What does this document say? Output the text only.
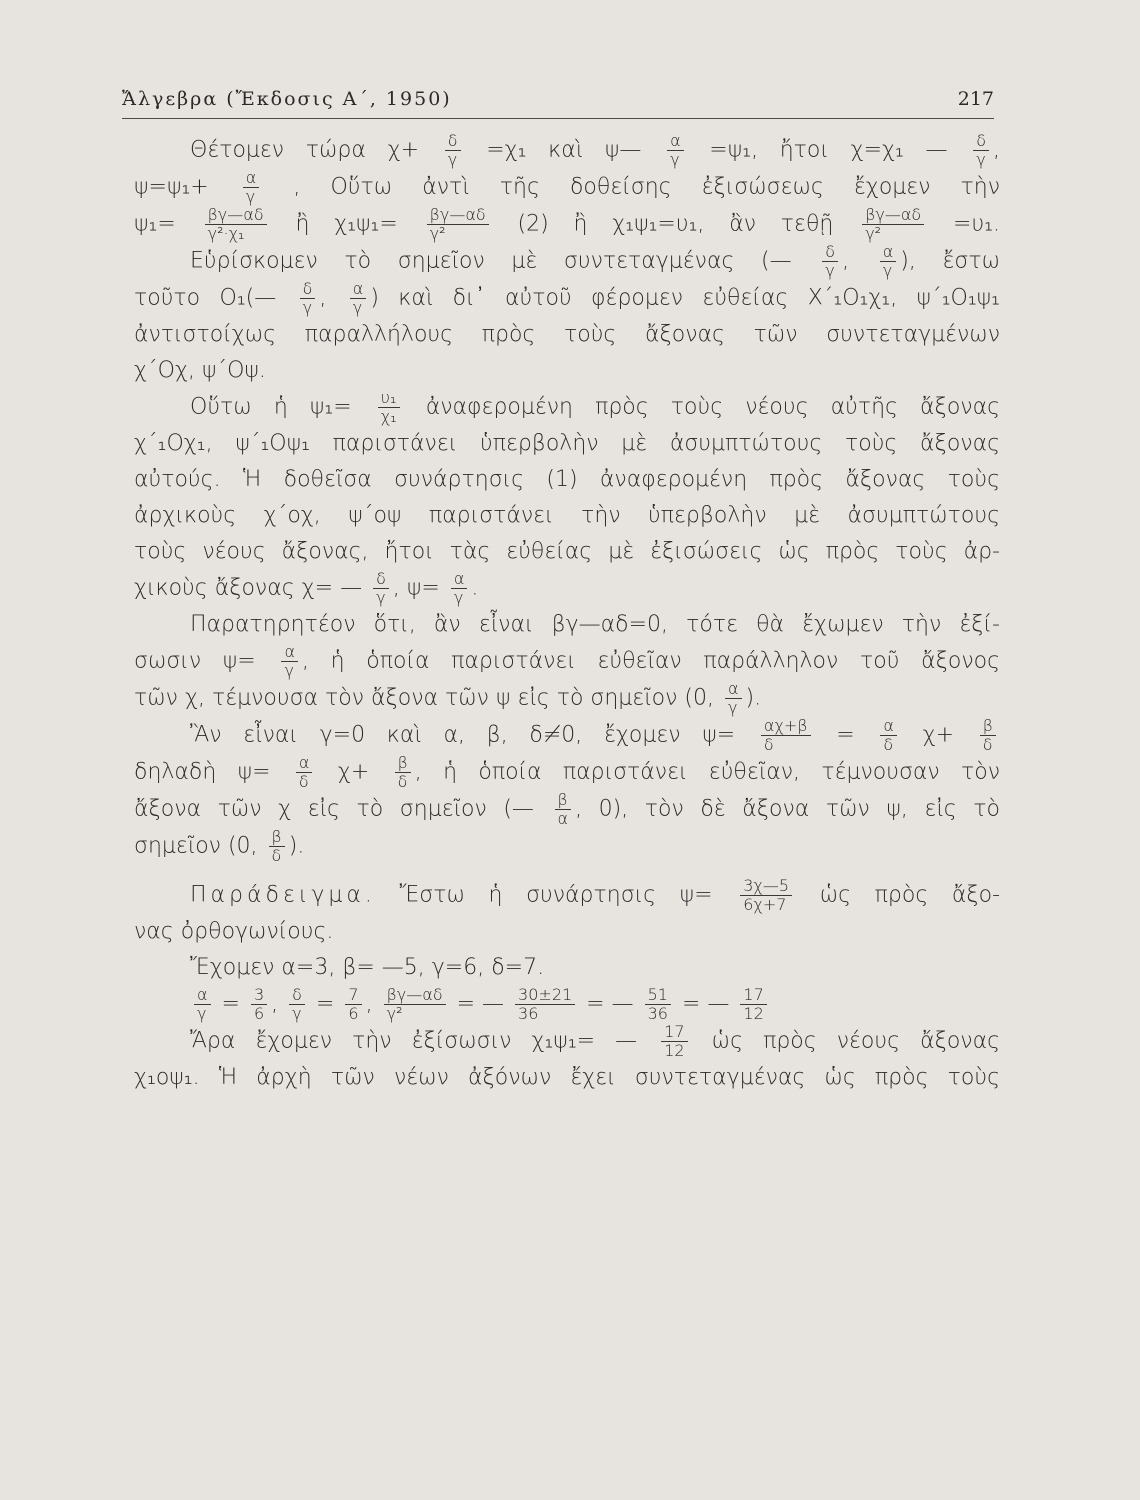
Ἄλγεβρα (Ἔκδοσις Α΄, 1950)	217
Θέτομεν τώρα $\chi+ \frac{\delta}{\gamma} =\chi_1$ καὶ ψ— $\frac{\alpha}{\gamma} =\psi_1$, ἤτοι χ=χ₁ — $\frac{\delta}{\gamma}$ ,
$\psi=\psi_1+ \frac{\alpha}{\gamma}$ , Οὕτω ἀντὶ τῆς δοθείσης ἐξισώσεως ἔχομεν τὴν
$\psi_1= \frac{\beta\gamma—\alpha\delta}{\text{γ²·χ₁}}$ ἢ $\chi_1\psi_1= \frac{\beta\gamma—\alpha\delta}{\text{γ²}} (2)$ ἢ χ₁ψ₁=υ₁, ἂν τεθῇ $\frac{\beta\gamma—\alpha\delta}{\text{γ²}} =\upsilon_1$.
Εὑρίσκομεν τὸ σημεῖον μὲ συντεταγμένας (— $\frac{\delta}{\gamma}$ , $\frac{\alpha}{\gamma}$ ), ἔστω
τοῦτο Ο₁(— $\frac{\delta}{\gamma}$ , $\frac{\alpha}{\gamma}$ ) καὶ δι᾽ αὐτοῦ φέρομεν εὐθείας Χ΄₁Ο₁χ₁, ψ΄₁Ο₁ψ₁
ἀντιστοίχως παραλλήλους πρὸς τοὺς ἄξονας τῶν συντεταγμένων
χ΄Οχ, ψ΄Οψ.
Οὕτω ἡ $\psi_1= \frac{\text{υ₁}}{\text{χ₁}}$ ἀναφερομένη πρὸς τοὺς νέους αὐτῆς ἄξονας
χ΄₁Οχ₁, ψ΄₁Οψ₁ παριστάνει ὑπερβολὴν μὲ ἀσυμπτώτους τοὺς ἄξονας
αὐτούς. Ἡ δοθεῖσα συνάρτησις (1) ἀναφερομένη πρὸς ἄξονας τοὺς
ἀρχικοὺς χ΄οχ, ψ΄οψ παριστάνει τὴν ὑπερβολὴν μὲ ἀσυμπτώτους
τοὺς νέους ἄξονας, ἤτοι τὰς εὐθείας μὲ ἐξισώσεις ὡς πρὸς τοὺς ἀρ-
χικοὺς ἄξονας χ= — $\frac{\delta}{\gamma}$ , $\psi= \frac{\alpha}{\gamma}$ .
Παρατηρητέον ὅτι, ἂν εἶναι βγ—αδ=0, τότε θὰ ἔχωμεν τὴν ἐξί-
σωσιν $\psi= \frac{\alpha}{\gamma}$ , ἡ ὁποία παριστάνει εὐθεῖαν παράλληλον τοῦ ἄξονος
τῶν χ, τέμνουσα τὸν ἄξονα τῶν ψ εἰς τὸ σημεῖον (0, $\frac{\alpha}{\gamma}$ ).
Ἂν εἶναι γ=0 καὶ α, β, δ≠0, ἔχομεν $\psi= \frac{\alpha\chi+\beta}{\delta} = \frac{\alpha}{\delta} \chi+ \frac{\beta}{\delta}$
δηλαδὴ $\psi= \frac{\alpha}{\delta} \chi+ \frac{\beta}{\delta}$ , ἡ ὁποία παριστάνει εὐθεῖαν, τέμνουσαν τὸν
ἄξονα τῶν χ εἰς τὸ σημεῖον (— $\frac{\beta}{\alpha}$ , 0), τὸν δὲ ἄξονα τῶν ψ, εἰς τὸ
σημεῖον (0, $\frac{\beta}{\delta}$ ).
Παράδειγμα. Ἔστω ἡ συνάρτησις $\psi= \frac{3\chi—5}{6\chi+7}$ ὡς πρὸς ἄξο-
νας ὀρθογωνίους.
Ἔχομεν α=3, β= —5, γ=6, δ=7.
$\frac{\alpha}{\gamma} = \frac{3}{6}$ , $\frac{\delta}{\gamma} = \frac{7}{6}$ , $\frac{\beta\gamma—\alpha\delta}{\text{γ²}}$ = — $\frac{30\pm 21}{36}$ = — $\frac{51}{36}$ = — $\frac{17}{12}$
Ἄρα ἔχομεν τὴν ἐξίσωσιν χ₁ψ₁= — $\frac{17}{12}$ ὡς πρὸς νέους ἄξονας
χ₁οψ₁. Ἡ ἀρχὴ τῶν νέων ἀξόνων ἔχει συντεταγμένας ὡς πρὸς τοὺς
